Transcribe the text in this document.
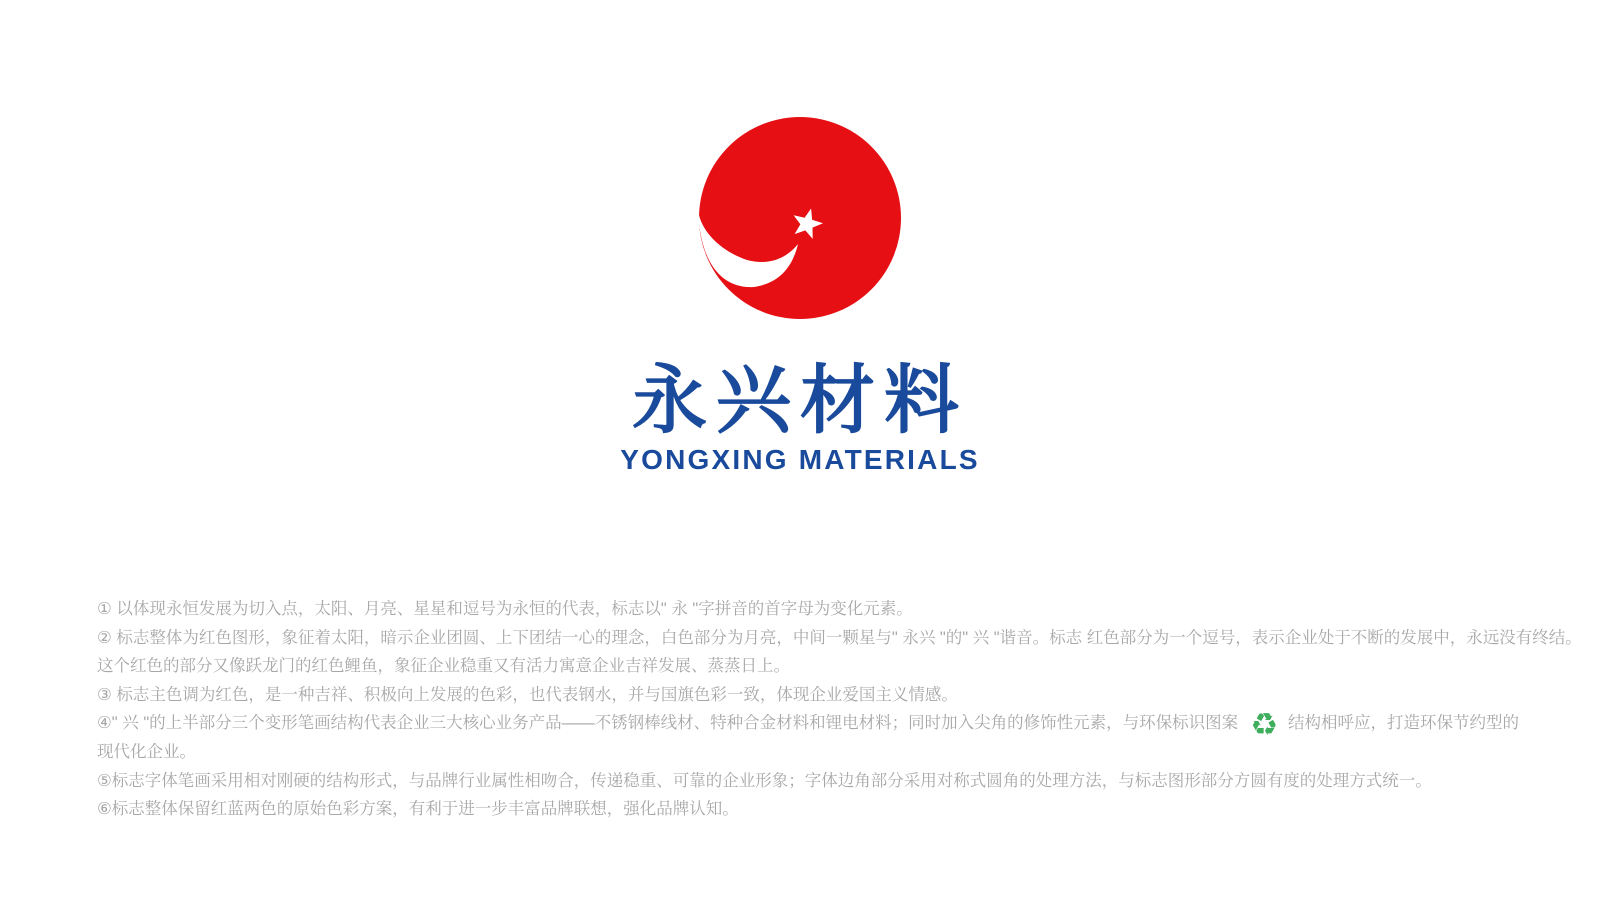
永兴材料
YONGXING MATERIALS
① 以体现永恒发展为切入点，太阳、月亮、星星和逗号为永恒的代表，标志以" 永 "字拼音的首字母为变化元素。
② 标志整体为红色图形，象征着太阳，暗示企业团圆、上下团结一心的理念，白色部分为月亮，中间一颗星与" 永兴 "的" 兴 "谐音。标志 红色部分为一个逗号，表示企业处于不断的发展中，永远没有终结。
这个红色的部分又像跃龙门的红色鲤鱼，象征企业稳重又有活力寓意企业吉祥发展、蒸蒸日上。
③ 标志主色调为红色，是一种吉祥、积极向上发展的色彩，也代表钢水，并与国旗色彩一致，体现企业爱国主义情感。
④" 兴 "的上半部分三个变形笔画结构代表企业三大核心业务产品——不锈钢棒线材、特种合金材料和锂电材料；同时加入尖角的修饰性元素，与环保标识图案 ♻ 结构相呼应，打造环保节约型的
现代化企业。
⑤标志字体笔画采用相对刚硬的结构形式，与品牌行业属性相吻合，传递稳重、可靠的企业形象；字体边角部分采用对称式圆角的处理方法，与标志图形部分方圆有度的处理方式统一。
⑥标志整体保留红蓝两色的原始色彩方案，有利于进一步丰富品牌联想，强化品牌认知。
